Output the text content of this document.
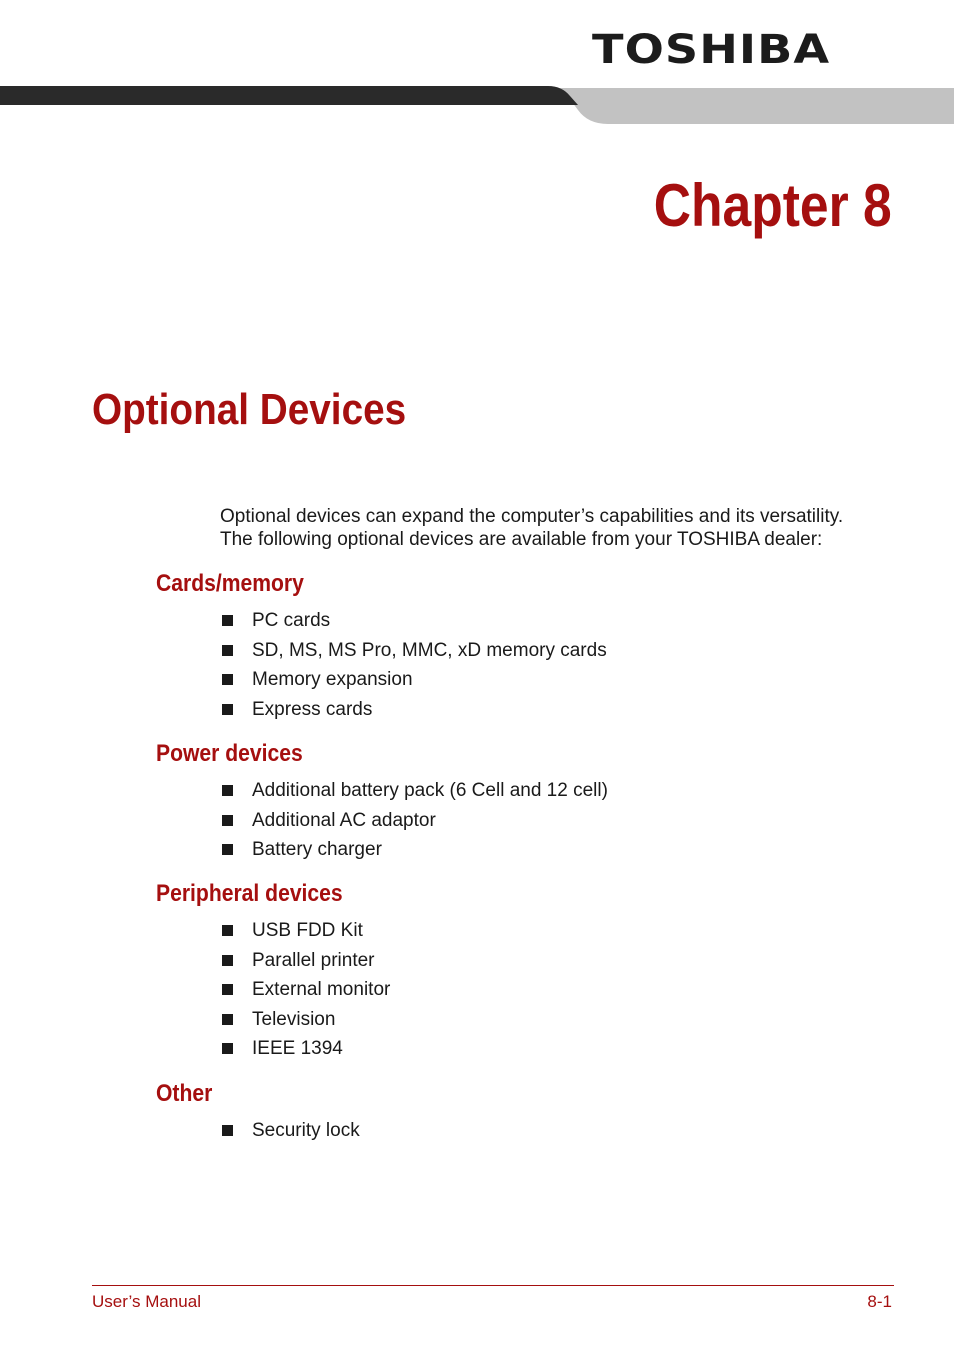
TOSHIBA
Chapter 8
Optional Devices

Optional devices can expand the computer’s capabilities and its versatility.
The following optional devices are available from your TOSHIBA dealer:

Cards/memory
PC cards
SD, MS, MS Pro, MMC, xD memory cards
Memory expansion
Express cards
Power devices
Additional battery pack (6 Cell and 12 cell)
Additional AC adaptor
Battery charger
Peripheral devices
USB FDD Kit
Parallel printer
External monitor
Television
IEEE 1394
Other
Security lock
User’s Manual	8-1
